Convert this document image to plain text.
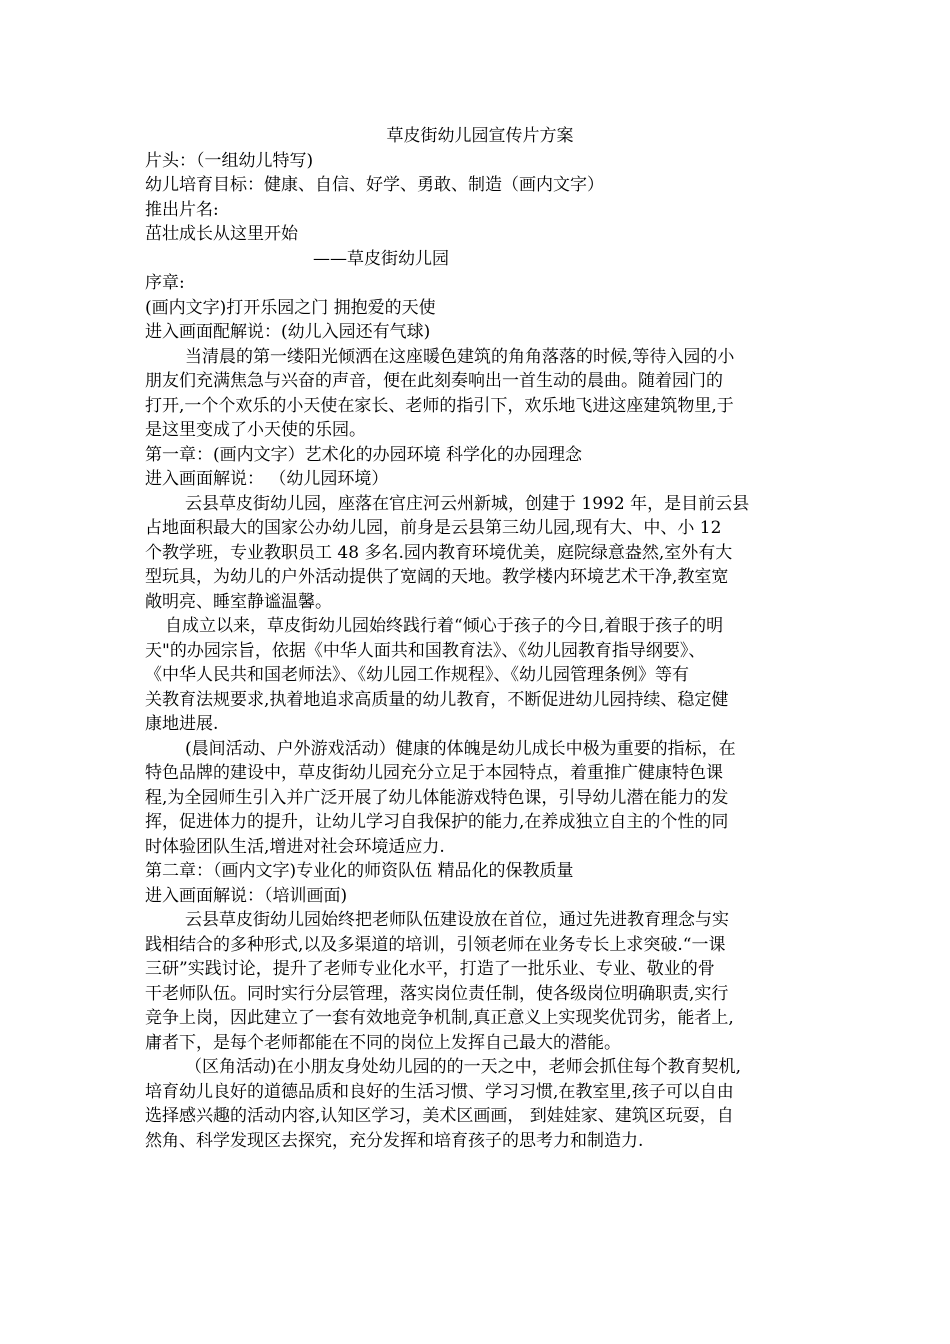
草皮街幼儿园宣传片方案
片头：（一组幼儿特写)
幼儿培育目标：健康、自信、好学、勇敢、制造（画内文字）
推出片名:
茁壮成长从这里开始
——草皮街幼儿园
序章:
(画内文字)打开乐园之门 拥抱爱的天使
进入画面配解说：(幼儿入园还有气球)
当清晨的第一缕阳光倾洒在这座暖色建筑的角角落落的时候,等待入园的小
朋友们充满焦急与兴奋的声音，便在此刻奏响出一首生动的晨曲。随着园门的
打开,一个个欢乐的小天使在家长、老师的指引下，欢乐地飞进这座建筑物里,于
是这里变成了小天使的乐园。
第一章：(画内文字）艺术化的办园环境 科学化的办园理念
进入画面解说： （幼儿园环境）
云县草皮街幼儿园，座落在官庄河云州新城，创建于 1992 年，是目前云县
占地面积最大的国家公办幼儿园，前身是云县第三幼儿园,现有大、中、小 12
个教学班，专业教职员工 48 多名.园内教育环境优美，庭院绿意盎然,室外有大
型玩具，为幼儿的户外活动提供了宽阔的天地。教学楼内环境艺术干净,教室宽
敞明亮、睡室静谧温馨。
自成立以来，草皮街幼儿园始终践行着“倾心于孩子的今日,着眼于孩子的明
天"的办园宗旨，依据《中华人面共和国教育法》、《幼儿园教育指导纲要》、
《中华人民共和国老师法》、《幼儿园工作规程》、《幼儿园管理条例》等有
关教育法规要求,执着地追求高质量的幼儿教育，不断促进幼儿园持续、稳定健
康地进展.
(晨间活动、户外游戏活动）健康的体魄是幼儿成长中极为重要的指标，在
特色品牌的建设中，草皮街幼儿园充分立足于本园特点，着重推广健康特色课
程,为全园师生引入并广泛开展了幼儿体能游戏特色课，引导幼儿潜在能力的发
挥，促进体力的提升，让幼儿学习自我保护的能力,在养成独立自主的个性的同
时体验团队生活,增进对社会环境适应力.
第二章：（画内文字)专业化的师资队伍 精品化的保教质量
进入画面解说：（培训画面)
云县草皮街幼儿园始终把老师队伍建设放在首位，通过先进教育理念与实
践相结合的多种形式,以及多渠道的培训，引领老师在业务专长上求突破.“一课
三研”实践讨论，提升了老师专业化水平，打造了一批乐业、专业、敬业的骨
干老师队伍。同时实行分层管理，落实岗位责任制，使各级岗位明确职责,实行
竞争上岗，因此建立了一套有效地竞争机制,真正意义上实现奖优罚劣，能者上,
庸者下，是每个老师都能在不同的岗位上发挥自己最大的潜能。
（区角活动)在小朋友身处幼儿园的的一天之中，老师会抓住每个教育契机,
培育幼儿良好的道德品质和良好的生活习惯、学习习惯,在教室里,孩子可以自由
选择感兴趣的活动内容,认知区学习，美术区画画， 到娃娃家、建筑区玩耍，自
然角、科学发现区去探究，充分发挥和培育孩子的思考力和制造力.
